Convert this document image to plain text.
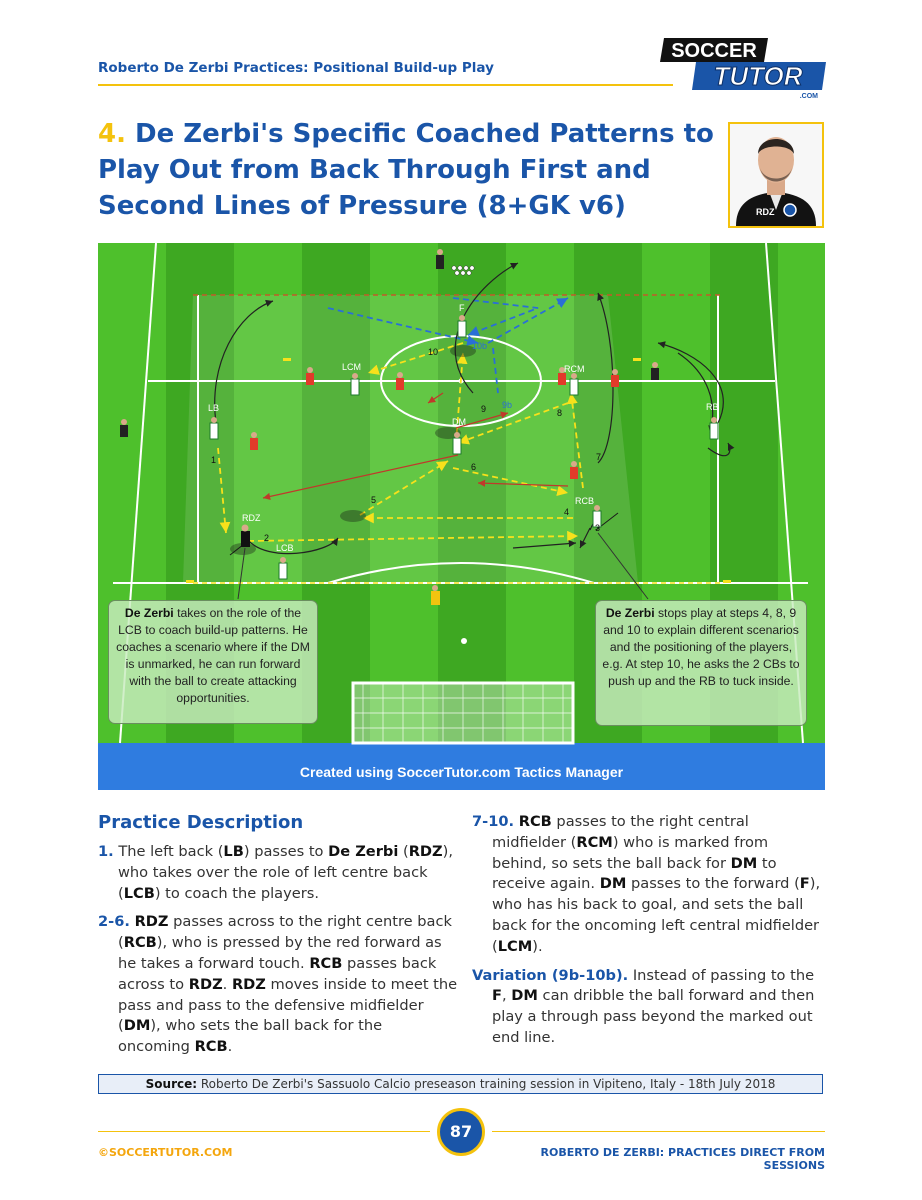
Roberto De Zerbi Practices: Positional Build-up Play
SOCCER
TUTOR
.COM
4. De Zerbi's Specific Coached Patterns to Play Out from Back Through First and Second Lines of Pressure (8+GK v6)	RDZ
F
LCM	RCM
LB	RB
DM
RDZ
LCB
RCB
1
2
3
4
5
6
7
8
9 9b
10
10b
De Zerbi takes on the role of the LCB to coach build-up patterns. He coaches a scenario where if the DM is unmarked, he can run forward with the ball to create attacking opportunities.
De Zerbi stops play at steps 4, 8, 9 and 10 to explain different scenarios and the positioning of the players, e.g. At step 10, he asks the 2 CBs to push up and the RB to tuck inside.
Created using SoccerTutor.com Tactics Manager
Practice Description

1. The left back (LB) passes to De Zerbi (RDZ), who takes over the role of left centre back (LCB) to coach the players.

2-6. RDZ passes across to the right centre back (RCB), who is pressed by the red forward as he takes a forward touch. RCB passes back across to RDZ. RDZ moves inside to meet the pass and pass to the defensive midfielder (DM), who sets the ball back for the oncoming RCB.

7-10. RCB passes to the right central midfielder (RCM) who is marked from behind, so sets the ball back for DM to receive again. DM passes to the forward (F), who has his back to goal, and sets the ball back for the oncoming left central midfielder (LCM).

Variation (9b-10b). Instead of passing to the F, DM can dribble the ball forward and then play a through pass beyond the marked out end line.

Source: Roberto De Zerbi's Sassuolo Calcio preseason training session in Vipiteno, Italy - 18th July 2018
87
©SOCCERTUTOR.COM	ROBERTO DE ZERBI: PRACTICES DIRECT FROM SESSIONS
